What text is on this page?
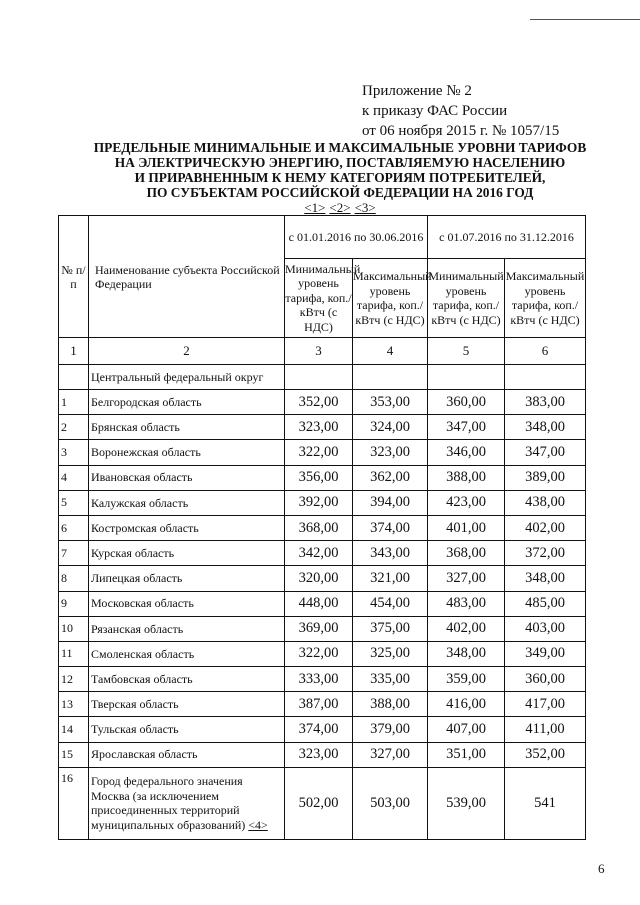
Приложение № 2
к приказу ФАС России
от 06 ноября 2015 г. № 1057/15
ПРЕДЕЛЬНЫЕ МИНИМАЛЬНЫЕ И МАКСИМАЛЬНЫЕ УРОВНИ ТАРИФОВ
НА ЭЛЕКТРИЧЕСКУЮ ЭНЕРГИЮ, ПОСТАВЛЯЕМУЮ НАСЕЛЕНИЮ
И ПРИРАВНЕННЫМ К НЕМУ КАТЕГОРИЯМ ПОТРЕБИТЕЛЕЙ,
ПО СУБЪЕКТАМ РОССИЙСКОЙ ФЕДЕРАЦИИ НА 2016 ГОД
<1> <2> <3>
№ п/п	Наименование субъекта Российской Федерации	с 01.01.2016 по 30.06.2016		с 01.07.2016 по 31.12.2016	
		Минимальный уровень тарифа, коп./кВтч (с НДС)	Максимальный уровень тарифа, коп./кВтч (с НДС)	Минимальный уровень тарифа, коп./кВтч (с НДС)	Максимальный уровень тарифа, коп./кВтч (с НДС)
1	2	3	4	5	6
	Центральный федеральный округ				
1	Белгородская область	352,00	353,00	360,00	383,00
2	Брянская область	323,00	324,00	347,00	348,00
3	Воронежская область	322,00	323,00	346,00	347,00
4	Ивановская область	356,00	362,00	388,00	389,00
5	Калужская область	392,00	394,00	423,00	438,00
6	Костромская область	368,00	374,00	401,00	402,00
7	Курская область	342,00	343,00	368,00	372,00
8	Липецкая область	320,00	321,00	327,00	348,00
9	Московская область	448,00	454,00	483,00	485,00
10	Рязанская область	369,00	375,00	402,00	403,00
11	Смоленская область	322,00	325,00	348,00	349,00
12	Тамбовская область	333,00	335,00	359,00	360,00
13	Тверская область	387,00	388,00	416,00	417,00
14	Тульская область	374,00	379,00	407,00	411,00
15	Ярославская область	323,00	327,00	351,00	352,00
16	Город федерального значения Москва (за исключением присоединенных территорий муниципальных образований) <4>	502,00	503,00	539,00	541
6
